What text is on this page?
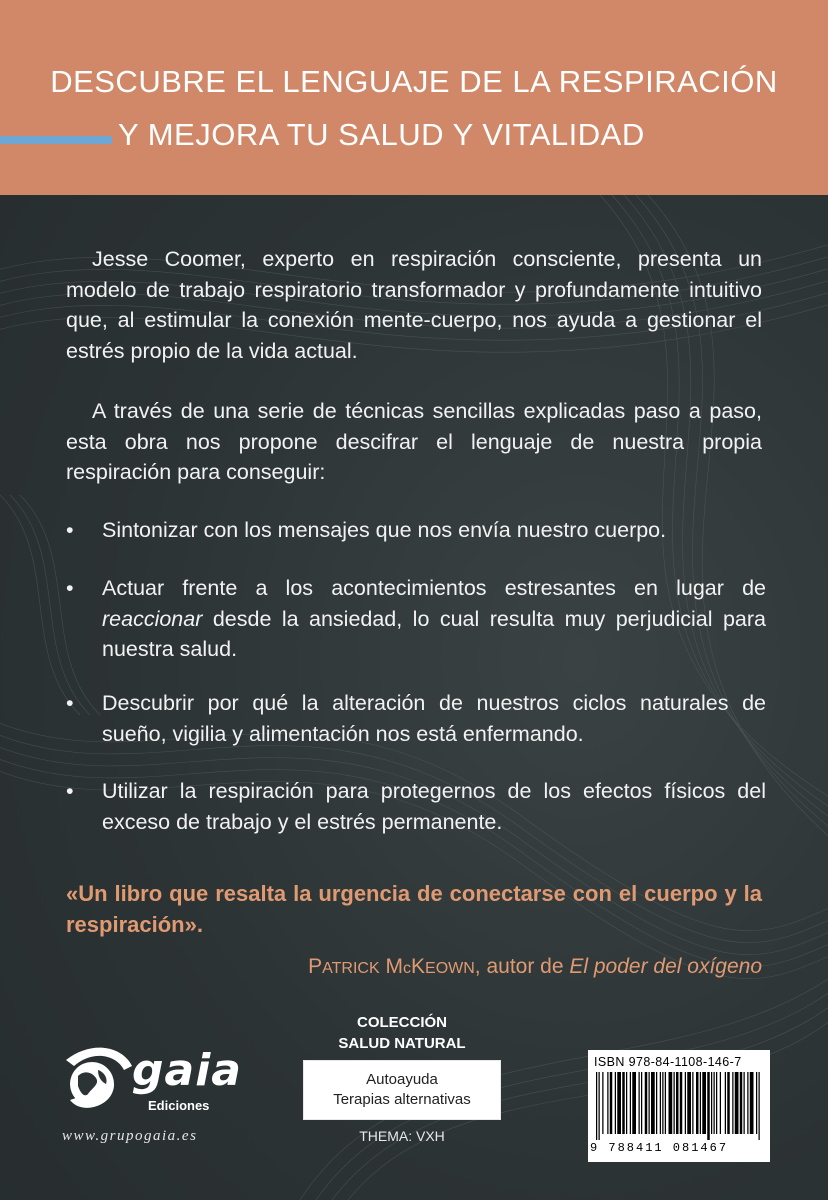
DESCUBRE EL LENGUAJE DE LA RESPIRACIÓN
Y MEJORA TU SALUD Y VITALIDAD

Jesse Coomer, experto en respiración consciente, presenta un modelo de trabajo respiratorio transformador y profundamente intuitivo que, al estimular la conexión mente-cuerpo, nos ayuda a gestionar el estrés propio de la vida actual.

A través de una serie de técnicas sencillas explicadas paso a paso, esta obra nos propone descifrar el lenguaje de nuestra propia respiración para conseguir:

•	Sintonizar con los mensajes que nos envía nuestro cuerpo.
•	Actuar frente a los acontecimientos estresantes en lugar de reaccionar desde la ansiedad, lo cual resulta muy perjudicial para nuestra salud.
•	Descubrir por qué la alteración de nuestros ciclos naturales de sueño, vigilia y alimentación nos está enfermando.
•	Utilizar la respiración para protegernos de los efectos físicos del exceso de trabajo y el estrés permanente.
«Un libro que resalta la urgencia de conectarse con el cuerpo y la respiración».
PATRICK McKEOWN, autor de El poder del oxígeno
COLECCIÓN
SALUD NATURAL
Autoayuda
Terapias alternativas
THEMA: VXH
gaia
Ediciones
www.grupogaia.es
ISBN 978-84-1108-146-7
9 788411 081467
